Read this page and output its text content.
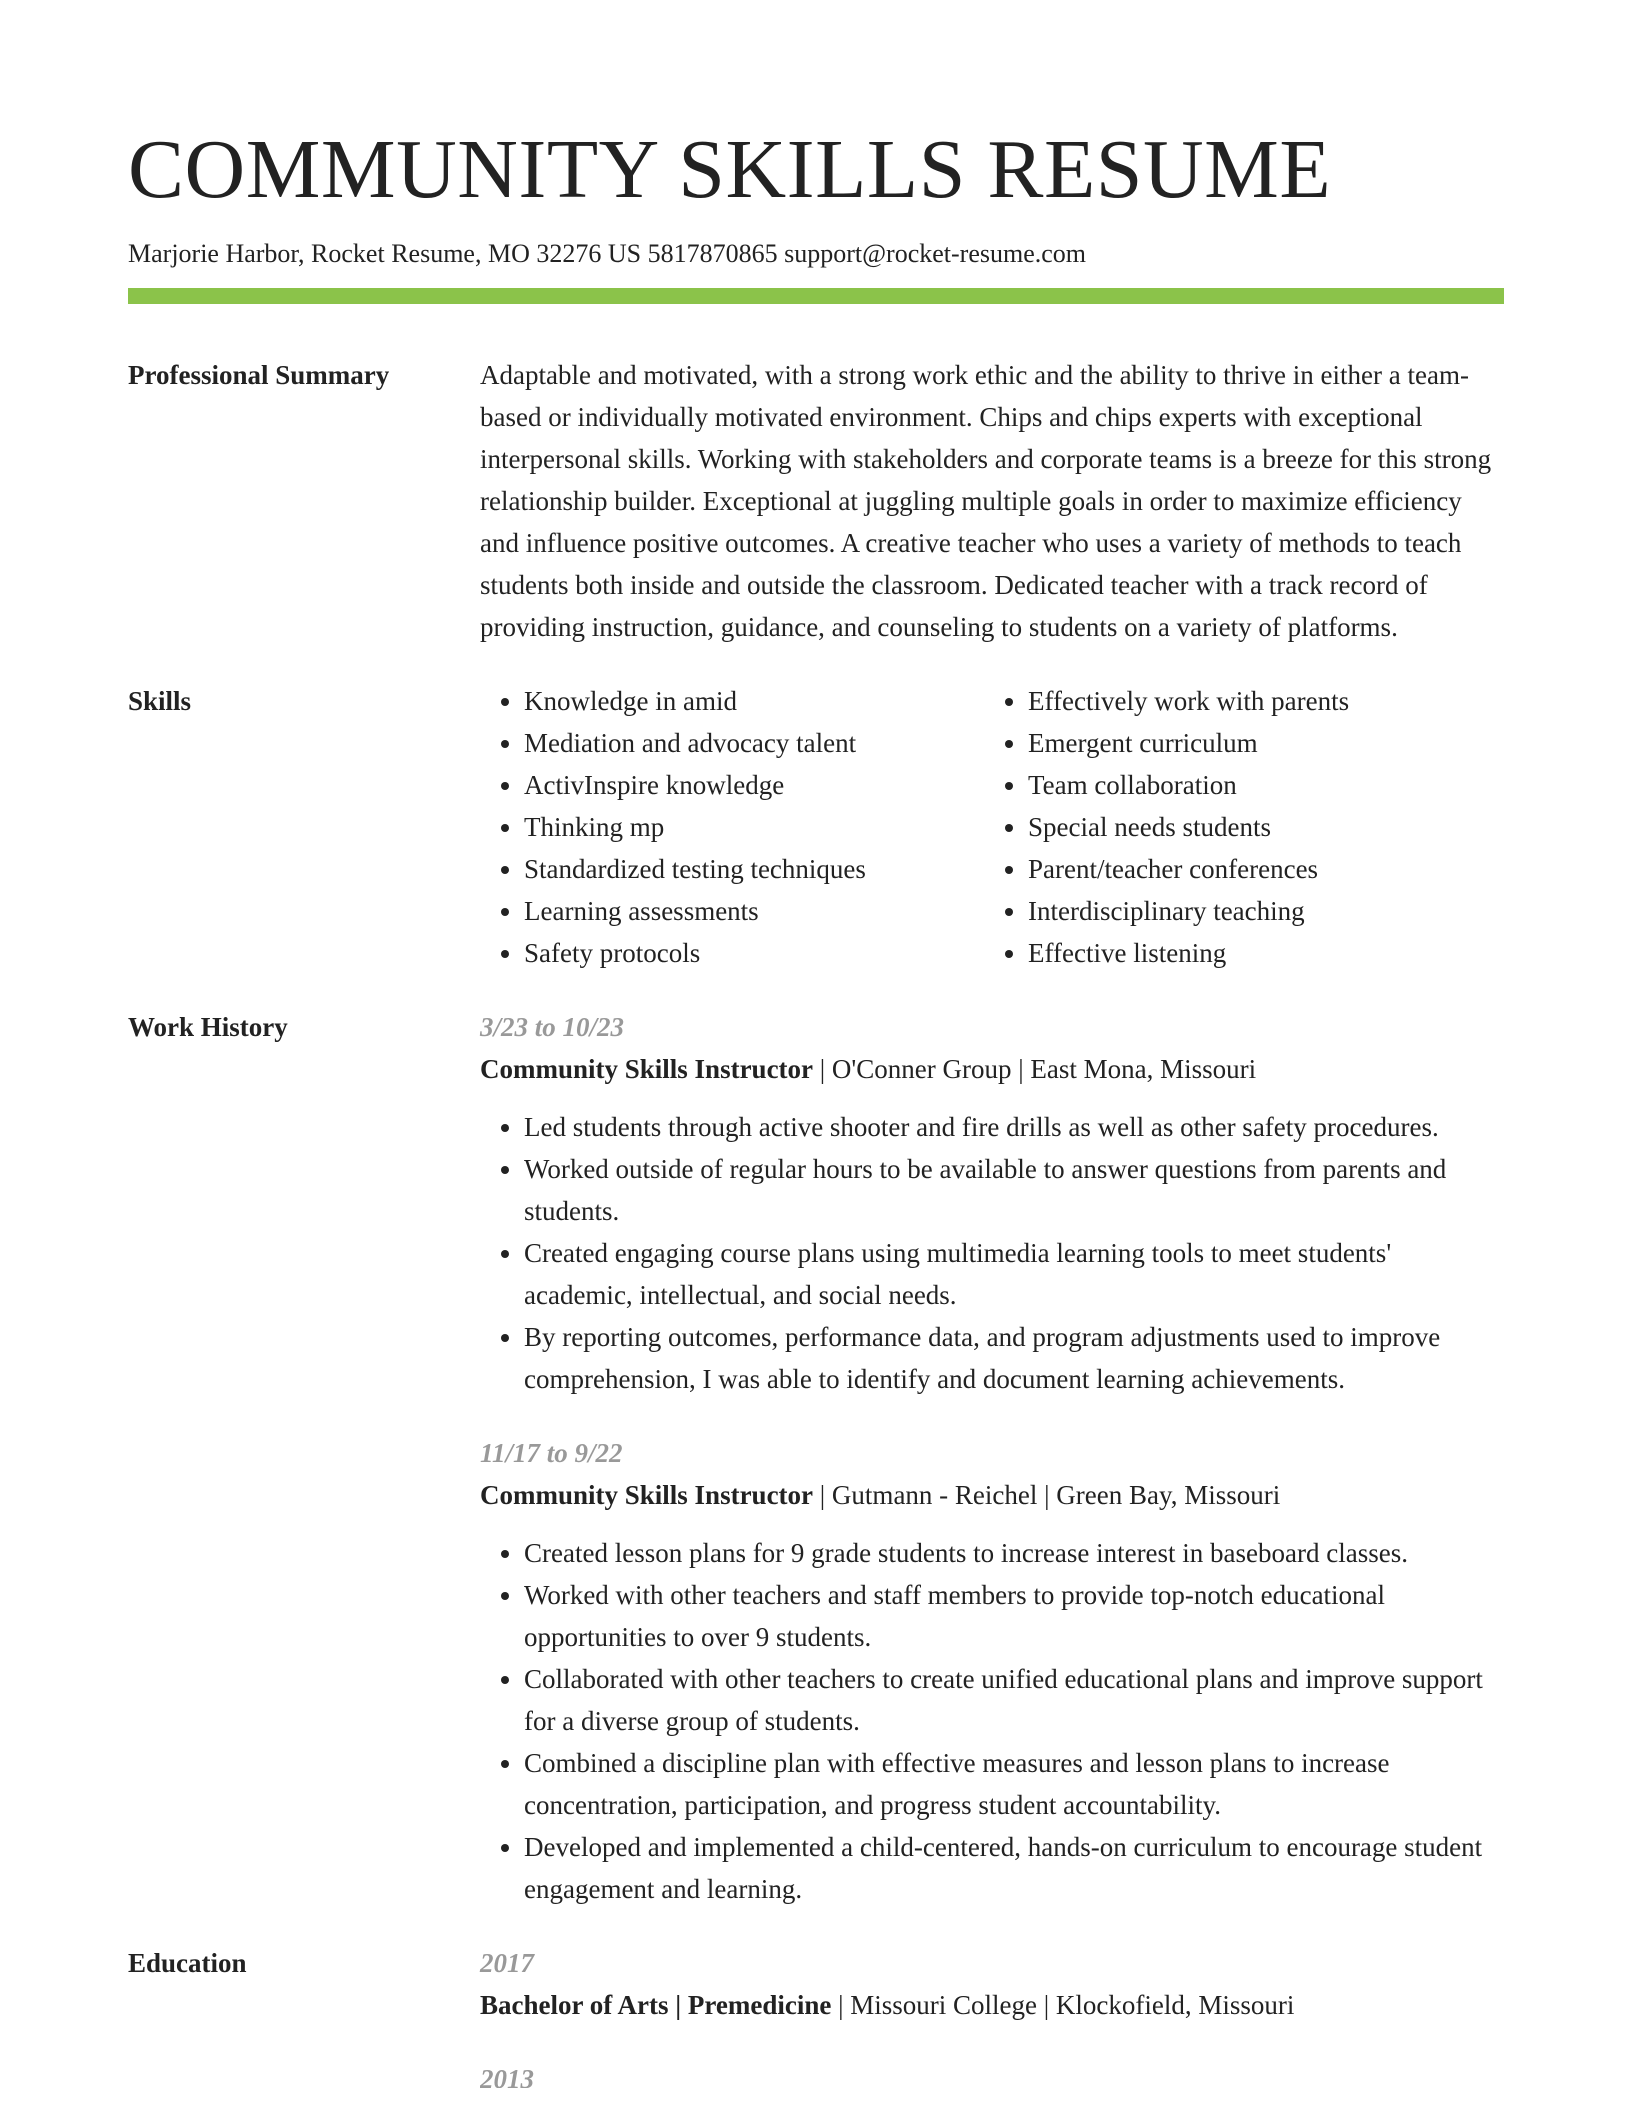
COMMUNITY SKILLS RESUME
Marjorie Harbor, Rocket Resume, MO 32276 US 5817870865 support@rocket-resume.com
Professional Summary	Adaptable and motivated, with a strong work ethic and the ability to thrive in either a team-based or individually motivated environment. Chips and chips experts with exceptional interpersonal skills. Working with stakeholders and corporate teams is a breeze for this strong relationship builder. Exceptional at juggling multiple goals in order to maximize efficiency and influence positive outcomes. A creative teacher who uses a variety of methods to teach students both inside and outside the classroom. Dedicated teacher with a track record of providing instruction, guidance, and counseling to students on a variety of platforms.

Skills
•	Knowledge in amid
• Mediation and advocacy talent
• ActivInspire knowledge
• Thinking mp
• Standardized testing techniques
• Learning assessments
• Safety protocols
• Effectively work with parents
• Emergent curriculum
• Team collaboration
• Special needs students
• Parent/teacher conferences
• Interdisciplinary teaching
• Effective listening
Work History	3/23 to 10/23
Community Skills Instructor | O'Conner Group | East Mona, Missouri
• Led students through active shooter and fire drills as well as other safety procedures.
• Worked outside of regular hours to be available to answer questions from parents and students.
• Created engaging course plans using multimedia learning tools to meet students' academic, intellectual, and social needs.
• By reporting outcomes, performance data, and program adjustments used to improve comprehension, I was able to identify and document learning achievements.
11/17 to 9/22
Community Skills Instructor | Gutmann - Reichel | Green Bay, Missouri
• Created lesson plans for 9 grade students to increase interest in baseboard classes.
• Worked with other teachers and staff members to provide top-notch educational opportunities to over 9 students.
• Collaborated with other teachers to create unified educational plans and improve support for a diverse group of students.
• Combined a discipline plan with effective measures and lesson plans to increase concentration, participation, and progress student accountability.
• Developed and implemented a child-centered, hands-on curriculum to encourage student engagement and learning.
Education	2017
Bachelor of Arts | Premedicine | Missouri College | Klockofield, Missouri
2013
